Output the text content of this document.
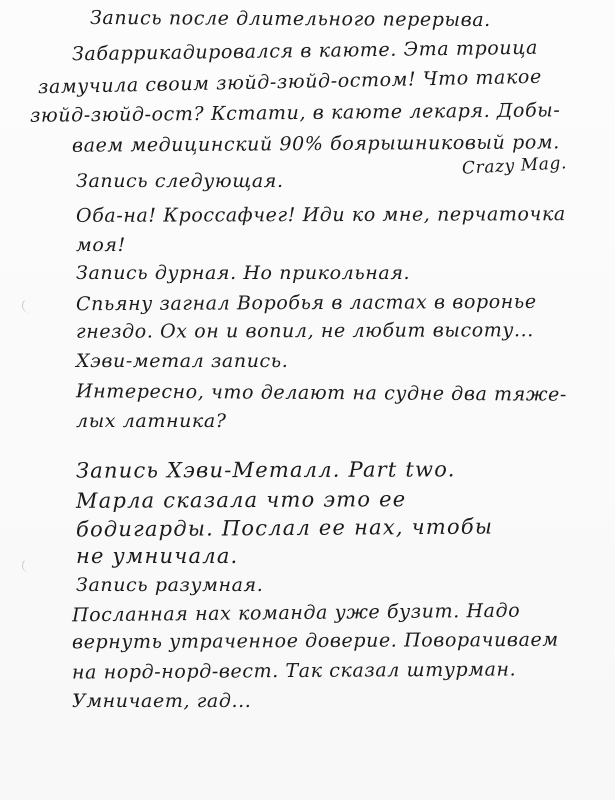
Запись после длительного перерыва.

Забаррикадировался в каюте. Эта троица

замучила своим зюйд-зюйд-остом! Что такое

зюйд-зюйд-ост? Кстати, в каюте лекаря. Добы-

ваем медицинский 90% боярышниковый ром.

Crazy Mag.

Запись следующая.

Оба-на! Кроссафчег! Иди ко мне, перчаточка

моя!

Запись дурная. Но прикольная.

Спьяну загнал Воробья в ластах в воронье

гнездо. Ох он и вопил, не любит высоту...

Хэви-метал запись.

Интересно, что делают на судне два тяже-

лых латника?

Запись Хэви-Металл. Part two.

Марла сказала что это ее

бодигарды. Послал ее нах, чтобы

не умничала.

Запись разумная.

Посланная нах команда уже бузит. Надо

вернуть утраченное доверие. Поворачиваем

на норд-норд-вест. Так сказал штурман.

Умничает, гад...
